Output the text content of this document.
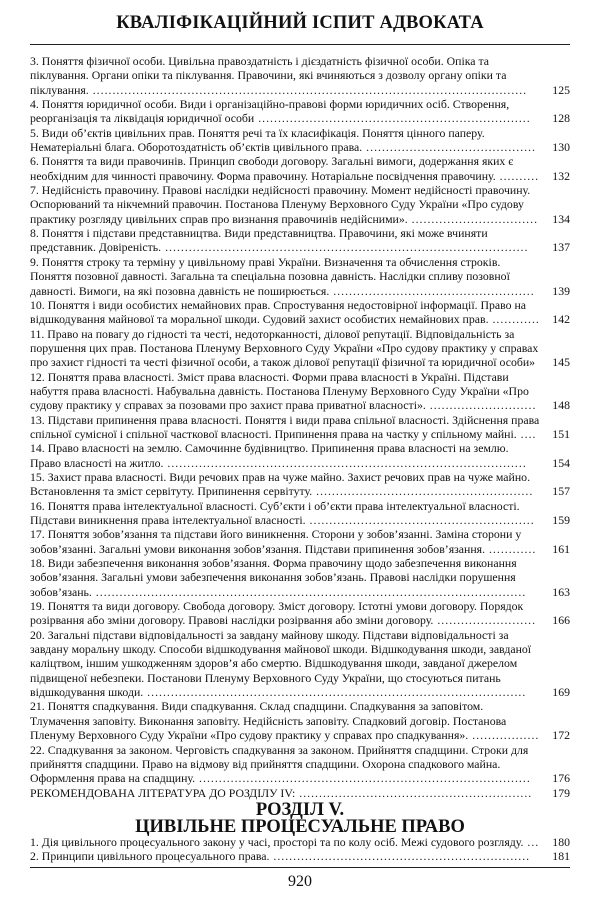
КВАЛІФІКАЦІЙНИЙ ІСПИТ АДВОКАТА
3. Поняття фізичної особи. Цивільна правоздатність і дієздатність фізичної особи. Опіка та піклування. Органи опіки та піклування. Правочини, які вчиняються з дозволу органу опіки та піклування. ..............................................................................................................	125
4. Поняття юридичної особи. Види і організаційно-правові форми юридичних осіб. Створення, реорганізація та ліквідація юридичної особи .....................................................................	128
5. Види об’єктів цивільних прав. Поняття речі та їх класифікація. Поняття цінного паперу. Нематеріальні блага. Оборотоздатність об’єктів цивільного права. ...........................................	130
6. Поняття та види правочинів. Принцип свободи договору. Загальні вимоги, додержання яких є необхідним для чинності правочину. Форма правочину. Нотаріальне посвідчення правочину. ..........	132
7. Недійсність правочину. Правові наслідки недійсності правочину. Момент недійсності правочину. Оспорюваний та нікчемний правочин. Постанова Пленуму Верховного Суду України «Про судову практику розгляду цивільних справ про визнання правочинів недійсними». ................................	134
8. Поняття і підстави представництва. Види представництва. Правочини, які може вчиняти представник. Довіреність. ............................................................................................	137
9. Поняття строку та терміну у цивільному праві України. Визначення та обчислення строків. Поняття позовної давності. Загальна та спеціальна позовна давність. Наслідки спливу позовної давності. Вимоги, на які позовна давність не поширюється. ...................................................	139
10. Поняття і види особистих немайнових прав. Спростування недостовірної інформації. Право на відшкодування майнової та моральної шкоди. Судовий захист особистих немайнових прав. ............	142
11. Право на повагу до гідності та честі, недоторканності, ділової репутації. Відповідальність за порушення цих прав. Постанова Пленуму Верховного Суду України «Про судову практику у справах про захист гідності та честі фізичної особи, а також ділової репутації фізичної та юридичної особи»	145
12. Поняття права власності. Зміст права власності. Форми права власності в Україні. Підстави набуття права власності. Набувальна давність. Постанова Пленуму Верховного Суду України «Про судову практику у справах за позовами про захист права приватної власності». ...........................	148
13. Підстави припинення права власності. Поняття і види права спільної власності. Здійснення права спільної сумісної і спільної часткової власності. Припинення права на частку у спільному майні. ....	151
14. Право власності на землю. Самочинне будівництво. Припинення права власності на землю. Право власності на житло. ...........................................................................................	154
15. Захист права власності. Види речових прав на чуже майно. Захист речових прав на чуже майно. Встановлення та зміст сервітуту. Припинення сервітуту. .......................................................	157
16. Поняття права інтелектуальної власності. Суб’єкти і об’єкти права інтелектуальної власності. Підстави виникнення права інтелектуальної власності. .........................................................	159
17. Поняття зобов’язання та підстави його виникнення. Сторони у зобов’язанні. Заміна сторони у зобов’язанні. Загальні умови виконання зобов’язання. Підстави припинення зобов’язання. ............	161
18. Види забезпечення виконання зобов’язання. Форма правочину щодо забезпечення виконання зобов’язання. Загальні умови забезпечення виконання зобов’язань. Правові наслідки порушення зобов’язань. .............................................................................................................	163
19. Поняття та види договору. Свобода договору. Зміст договору. Істотні умови договору. Порядок розірвання або зміни договору. Правові наслідки розірвання або зміни договору. .........................	166
20. Загальні підстави відповідальності за завдану майнову шкоду. Підстави відповідальності за завдану моральну шкоду. Способи відшкодування майнової шкоди. Відшкодування шкоди, завданої каліцтвом, іншим ушкодженням здоров’я або смертю. Відшкодування шкоди, завданої джерелом підвищеної небезпеки. Постанови Пленуму Верховного Суду України, що стосуються питань відшкодування шкоди. ................................................................................................	169
21. Поняття спадкування. Види спадкування. Склад спадщини. Спадкування за заповітом. Тлумачення заповіту. Виконання заповіту. Недійсність заповіту. Спадковий договір. Постанова Пленуму Верховного Суду України «Про судову практику у справах про спадкування». .................	172
22. Спадкування за законом. Черговість спадкування за законом. Прийняття спадщини. Строки для прийняття спадщини. Право на відмову від прийняття спадщини. Охорона спадкового майна. Оформлення права на спадщину. ....................................................................................	176
РЕКОМЕНДОВАНА ЛІТЕРАТУРА ДО РОЗДІЛУ IV: ...........................................................	179
РОЗДІЛ V.
ЦИВІЛЬНЕ ПРОЦЕСУАЛЬНЕ ПРАВО
1. Дія цивільного процесуального закону у часі, просторі та по колу осіб. Межі судового розгляду. ...	180
2. Принципи цивільного процесуального права. .................................................................	181
920
